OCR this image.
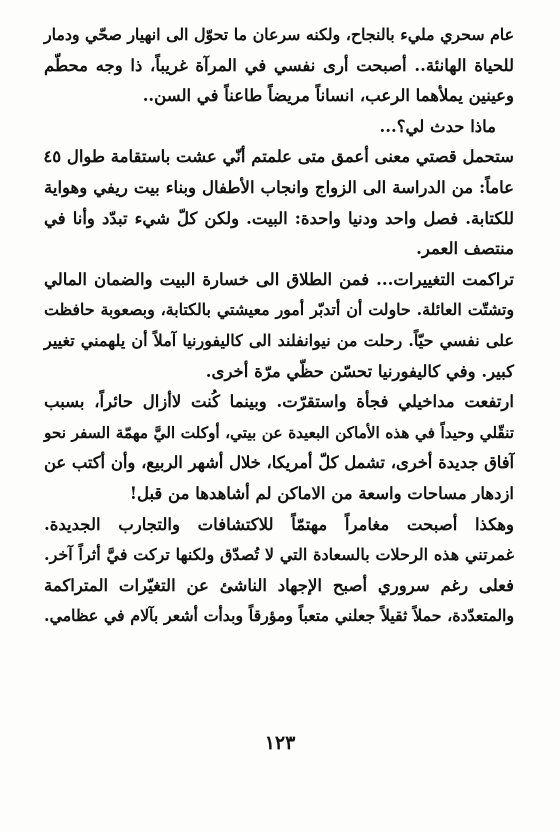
عام سحري مليء بالنجاح، ولكنه سرعان ما تحوّل الى انهيار صحّي ودمار
للحياة الهانئة.. أصبحت أرى نفسي في المرآة غريباً، ذا وجه محطّم
وعينين يملأهما الرعب، انساناً مريضاً طاعناً في السن..
ماذا حدث لي؟...
ستحمل قصتي معنى أعمق متى علمتم أنّي عشت باستقامة طوال ٤٥
عاماً: من الدراسة الى الزواج وانجاب الأطفال وبناء بيت ريفي وهواية
للكتابة. فصل واحد ودنيا واحدة: البيت. ولكن كلّ شيء تبدّد وأنا في
منتصف العمر.
تراكمت التغييرات... فمن الطلاق الى خسارة البيت والضمان المالي
وتشتّت العائلة. حاولت أن أتدبّر أمور معيشتي بالكتابة، وبصعوبة حافظت
على نفسي حيّاً. رحلت من نيوانفلند الى كاليفورنيا آملاً أن يلهمني تغيير
كبير. وفي كاليفورنيا تحسّن حظّي مرّة أخرى.
ارتفعت مداخيلي فجأة واستقرّت. وبينما كُنت لاأزال حائراً، بسبب
تنقّلي وحيداً في هذه الأماكن البعيدة عن بيتي، أوكلت اليَّ مهمّة السفر نحو
آفاق جديدة أخرى، تشمل كلّ أمريكا، خلال أشهر الربيع، وأن أكتب عن
ازدهار مساحات واسعة من الاماكن لم أشاهدها من قبل!
وهكذا أصبحت مغامراً مهتمّاً للاكتشافات والتجارب الجديدة.
غمرتني هذه الرحلات بالسعادة التي لا تُصدّق ولكنها تركت فيَّ أثراً آخر.
فعلى رغم سروري أصبح الإجهاد الناشئ عن التغيّرات المتراكمة
والمتعدّدة، حملاً ثقيلاً جعلني متعباً ومؤرقاً وبدأت أشعر بآلام في عظامي.
١٢٣
